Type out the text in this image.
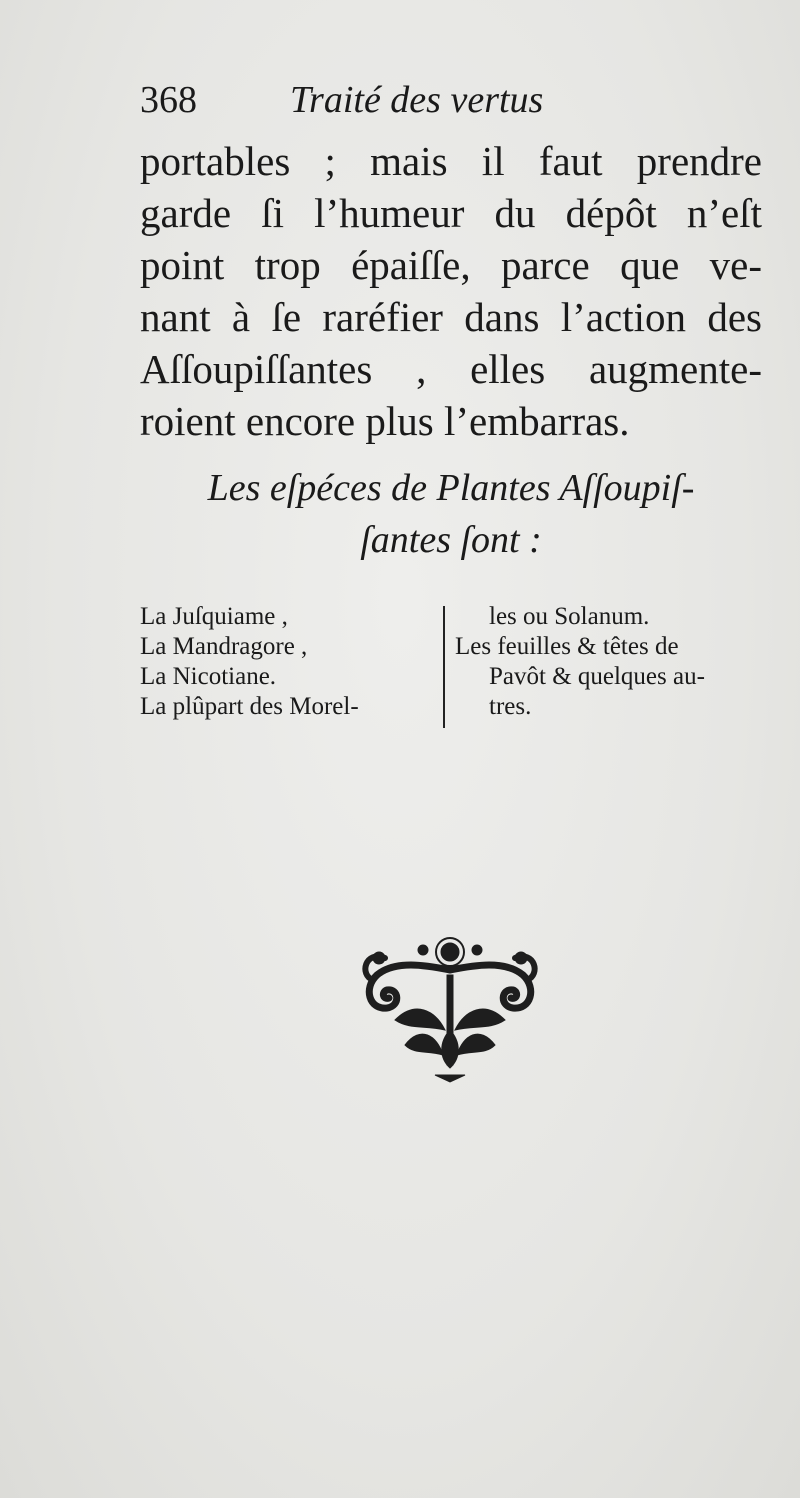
368 Traité des vertus
portables ; mais il faut prendre
garde ſi l’humeur du dépôt n’eſt
point trop épaiſſe, parce que ve-
nant à ſe raréfier dans l’action des
Aſſoupiſſantes , elles augmente-
roient encore plus l’embarras.
Les eſpéces de Plantes Aſſoupiſ-
ſantes ſont :
La Juſquiame ,
La Mandragore ,
La Nicotiane.
La plûpart des Morel-
les ou Solanum.
Les feuilles & têtes de
Pavôt & quelques au-
tres.
